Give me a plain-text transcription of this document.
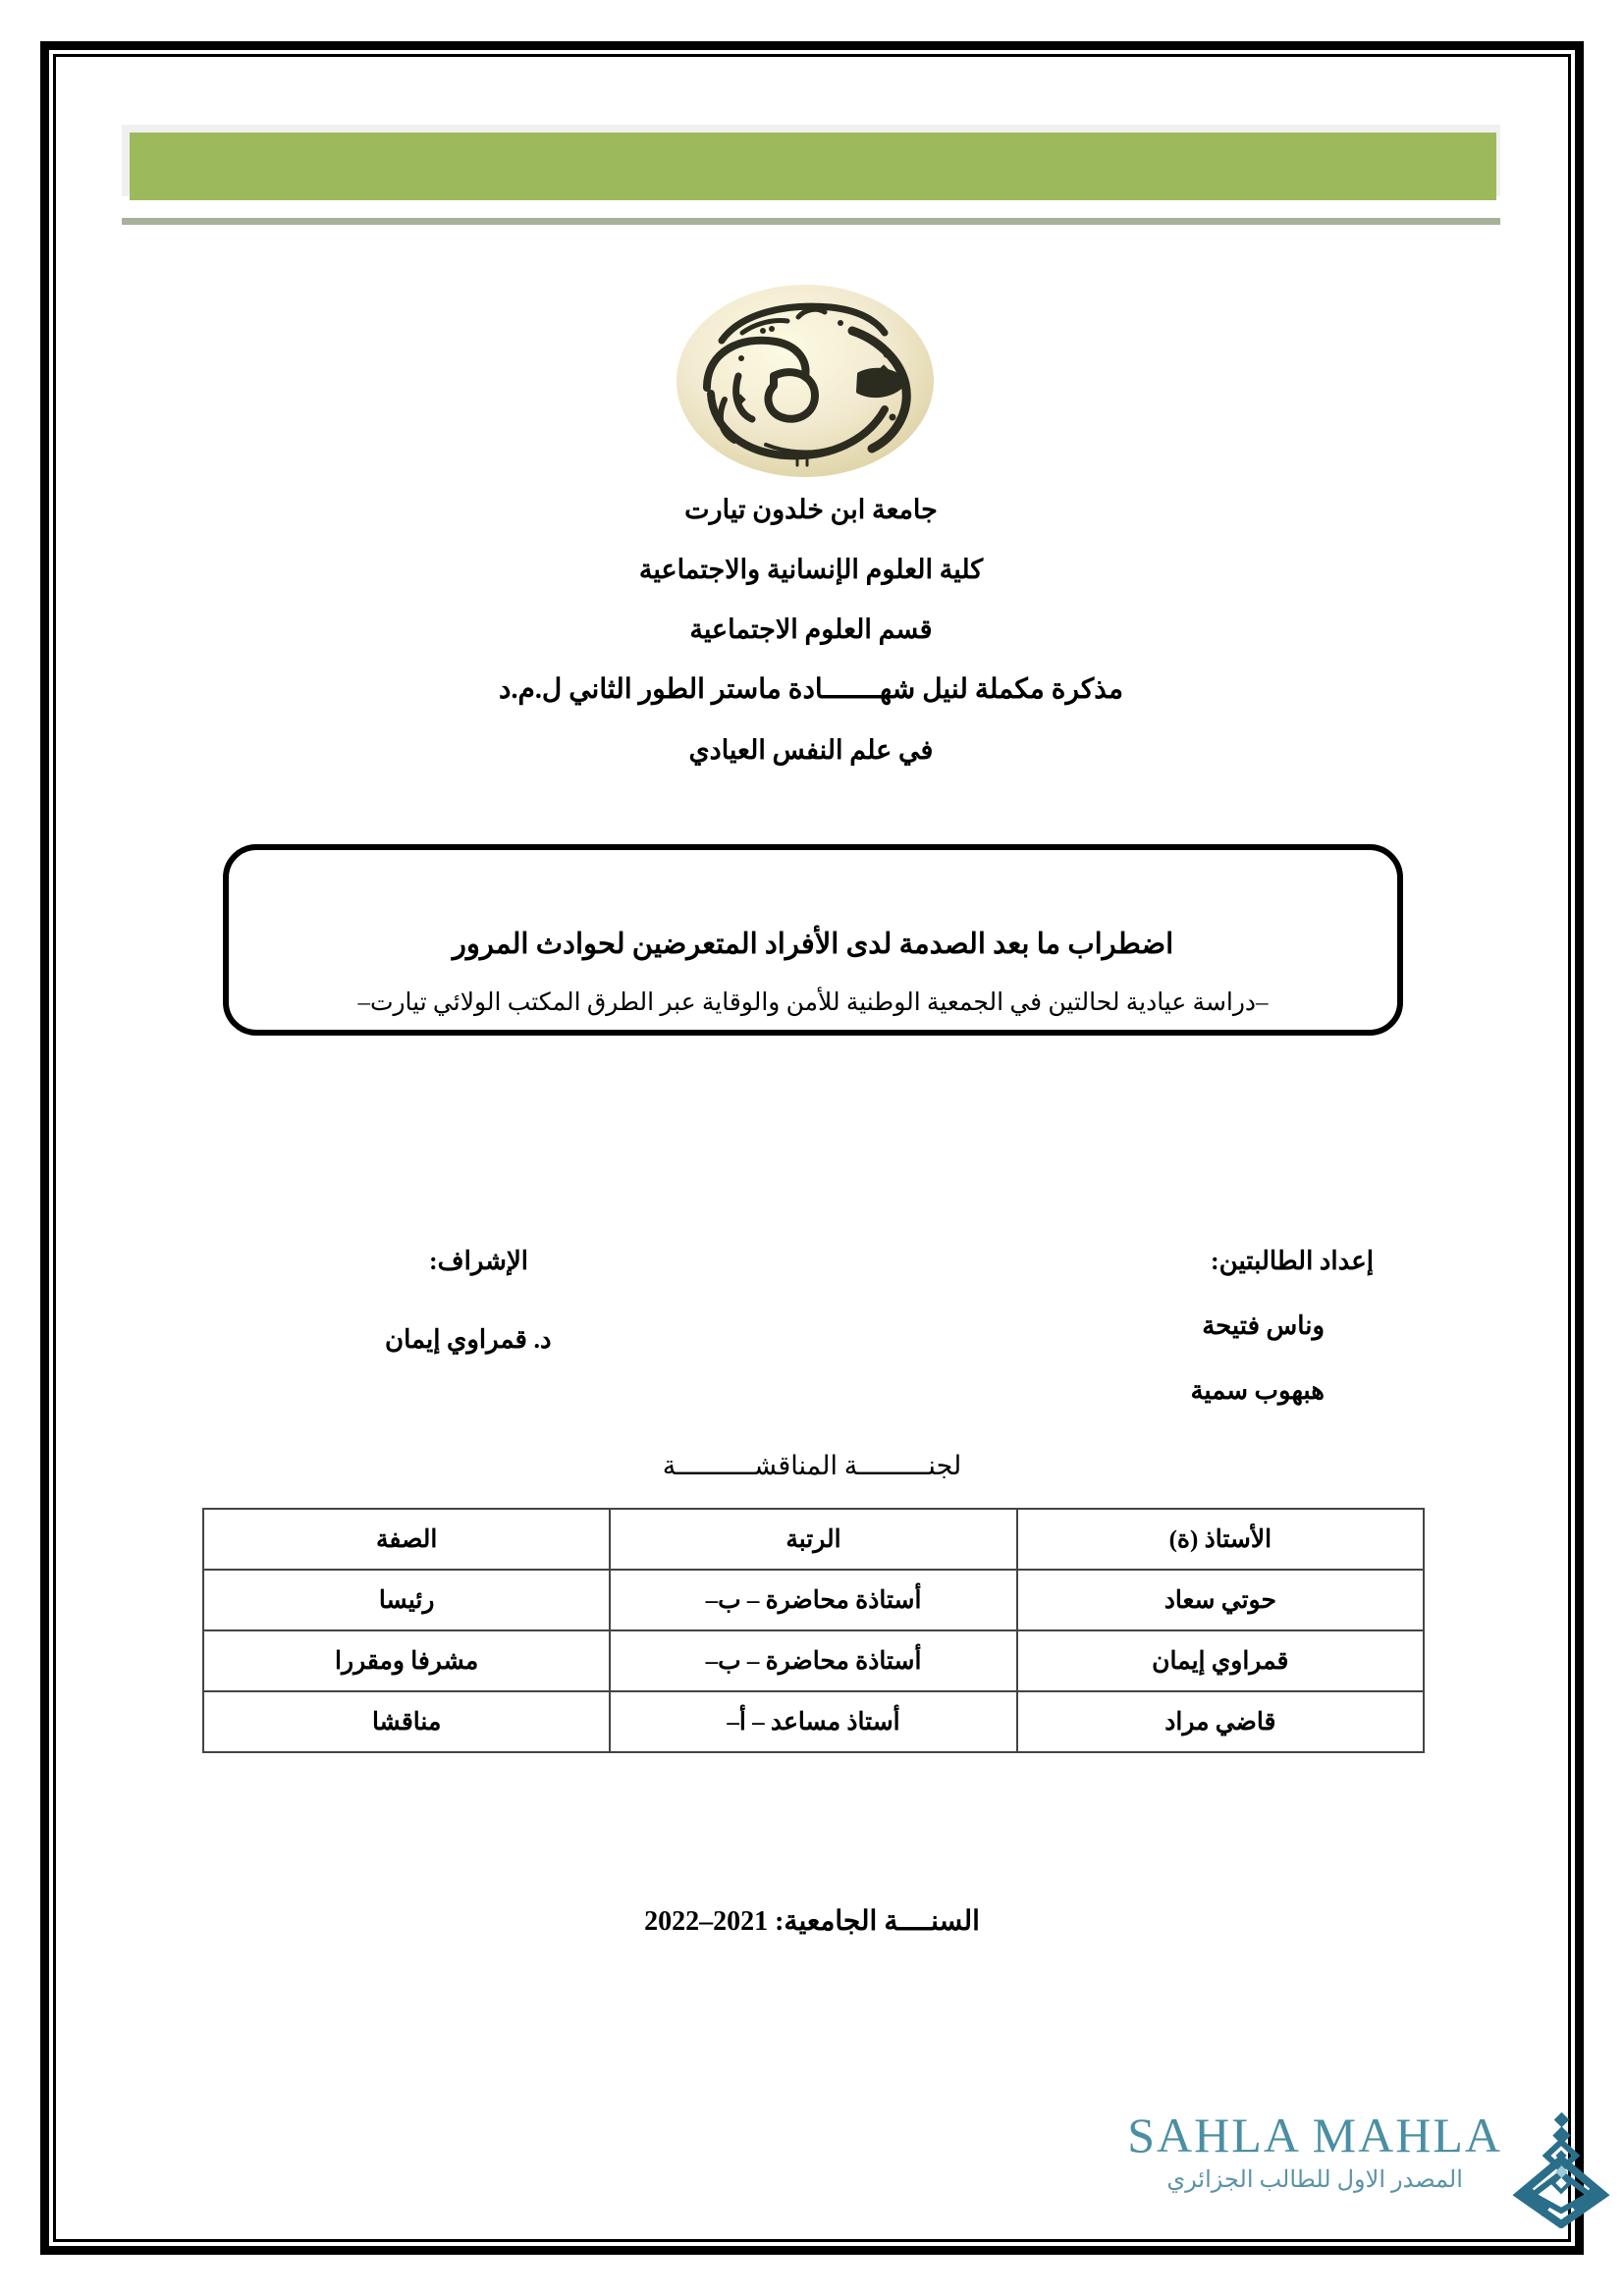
جامعة ابن خلدون تيارت
كلية العلوم الإنسانية والاجتماعية
قسم العلوم الاجتماعية
مذكرة مكملة لنيل شهـــــــادة ماستر الطور الثاني ل.م.د
في علم النفس العيادي
اضطراب ما بعد الصدمة لدى الأفراد المتعرضين لحوادث المرور
–دراسة عيادية لحالتين في الجمعية الوطنية للأمن والوقاية عبر الطرق المكتب الولائي تيارت–
إعداد الطالبتين:
الإشراف:
وناس فتيحة
هبهوب سمية
د. قمراوي إيمان
لجنـــــــــة المناقشــــــــــة
الأستاذ (ة)	الرتبة	الصفة
حوتي سعاد	أستاذة محاضرة – ب–	رئيسا
قمراوي إيمان	أستاذة محاضرة – ب–	مشرفا ومقررا
قاضي مراد	أستاذ مساعد – أ–	مناقشا
السنــــة الجامعية: 2021–2022
SAHLA MAHLA
المصدر الاول للطالب الجزائري
